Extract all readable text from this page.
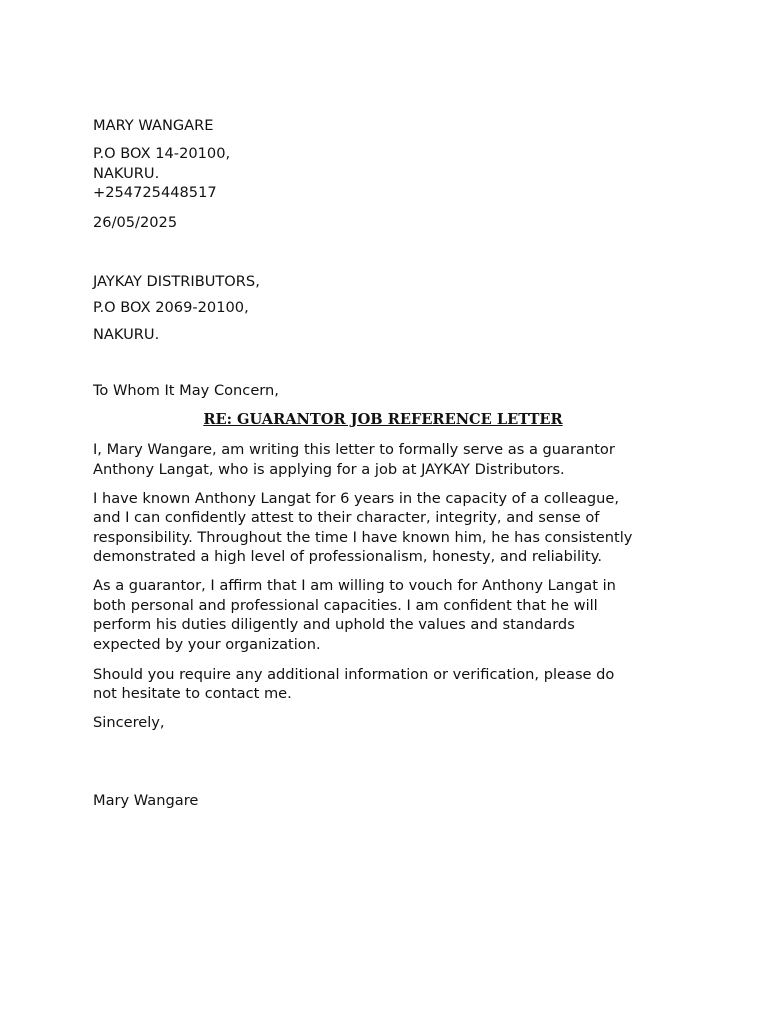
MARY WANGARE

P.O BOX 14-20100,

NAKURU.

+254725448517

26/05/2025

JAYKAY DISTRIBUTORS,

P.O BOX 2069-20100,

NAKURU.

To Whom It May Concern,

RE: GUARANTOR JOB REFERENCE LETTER

I, Mary Wangare, am writing this letter to formally serve as a guarantor
Anthony Langat, who is applying for a job at JAYKAY Distributors.
I have known Anthony Langat for 6 years in the capacity of a colleague,
and I can confidently attest to their character, integrity, and sense of
responsibility. Throughout the time I have known him, he has consistently
demonstrated a high level of professionalism, honesty, and reliability.
As a guarantor, I affirm that I am willing to vouch for Anthony Langat in
both personal and professional capacities. I am confident that he will
perform his duties diligently and uphold the values and standards
expected by your organization.
Should you require any additional information or verification, please do
not hesitate to contact me.

Sincerely,

Mary Wangare
